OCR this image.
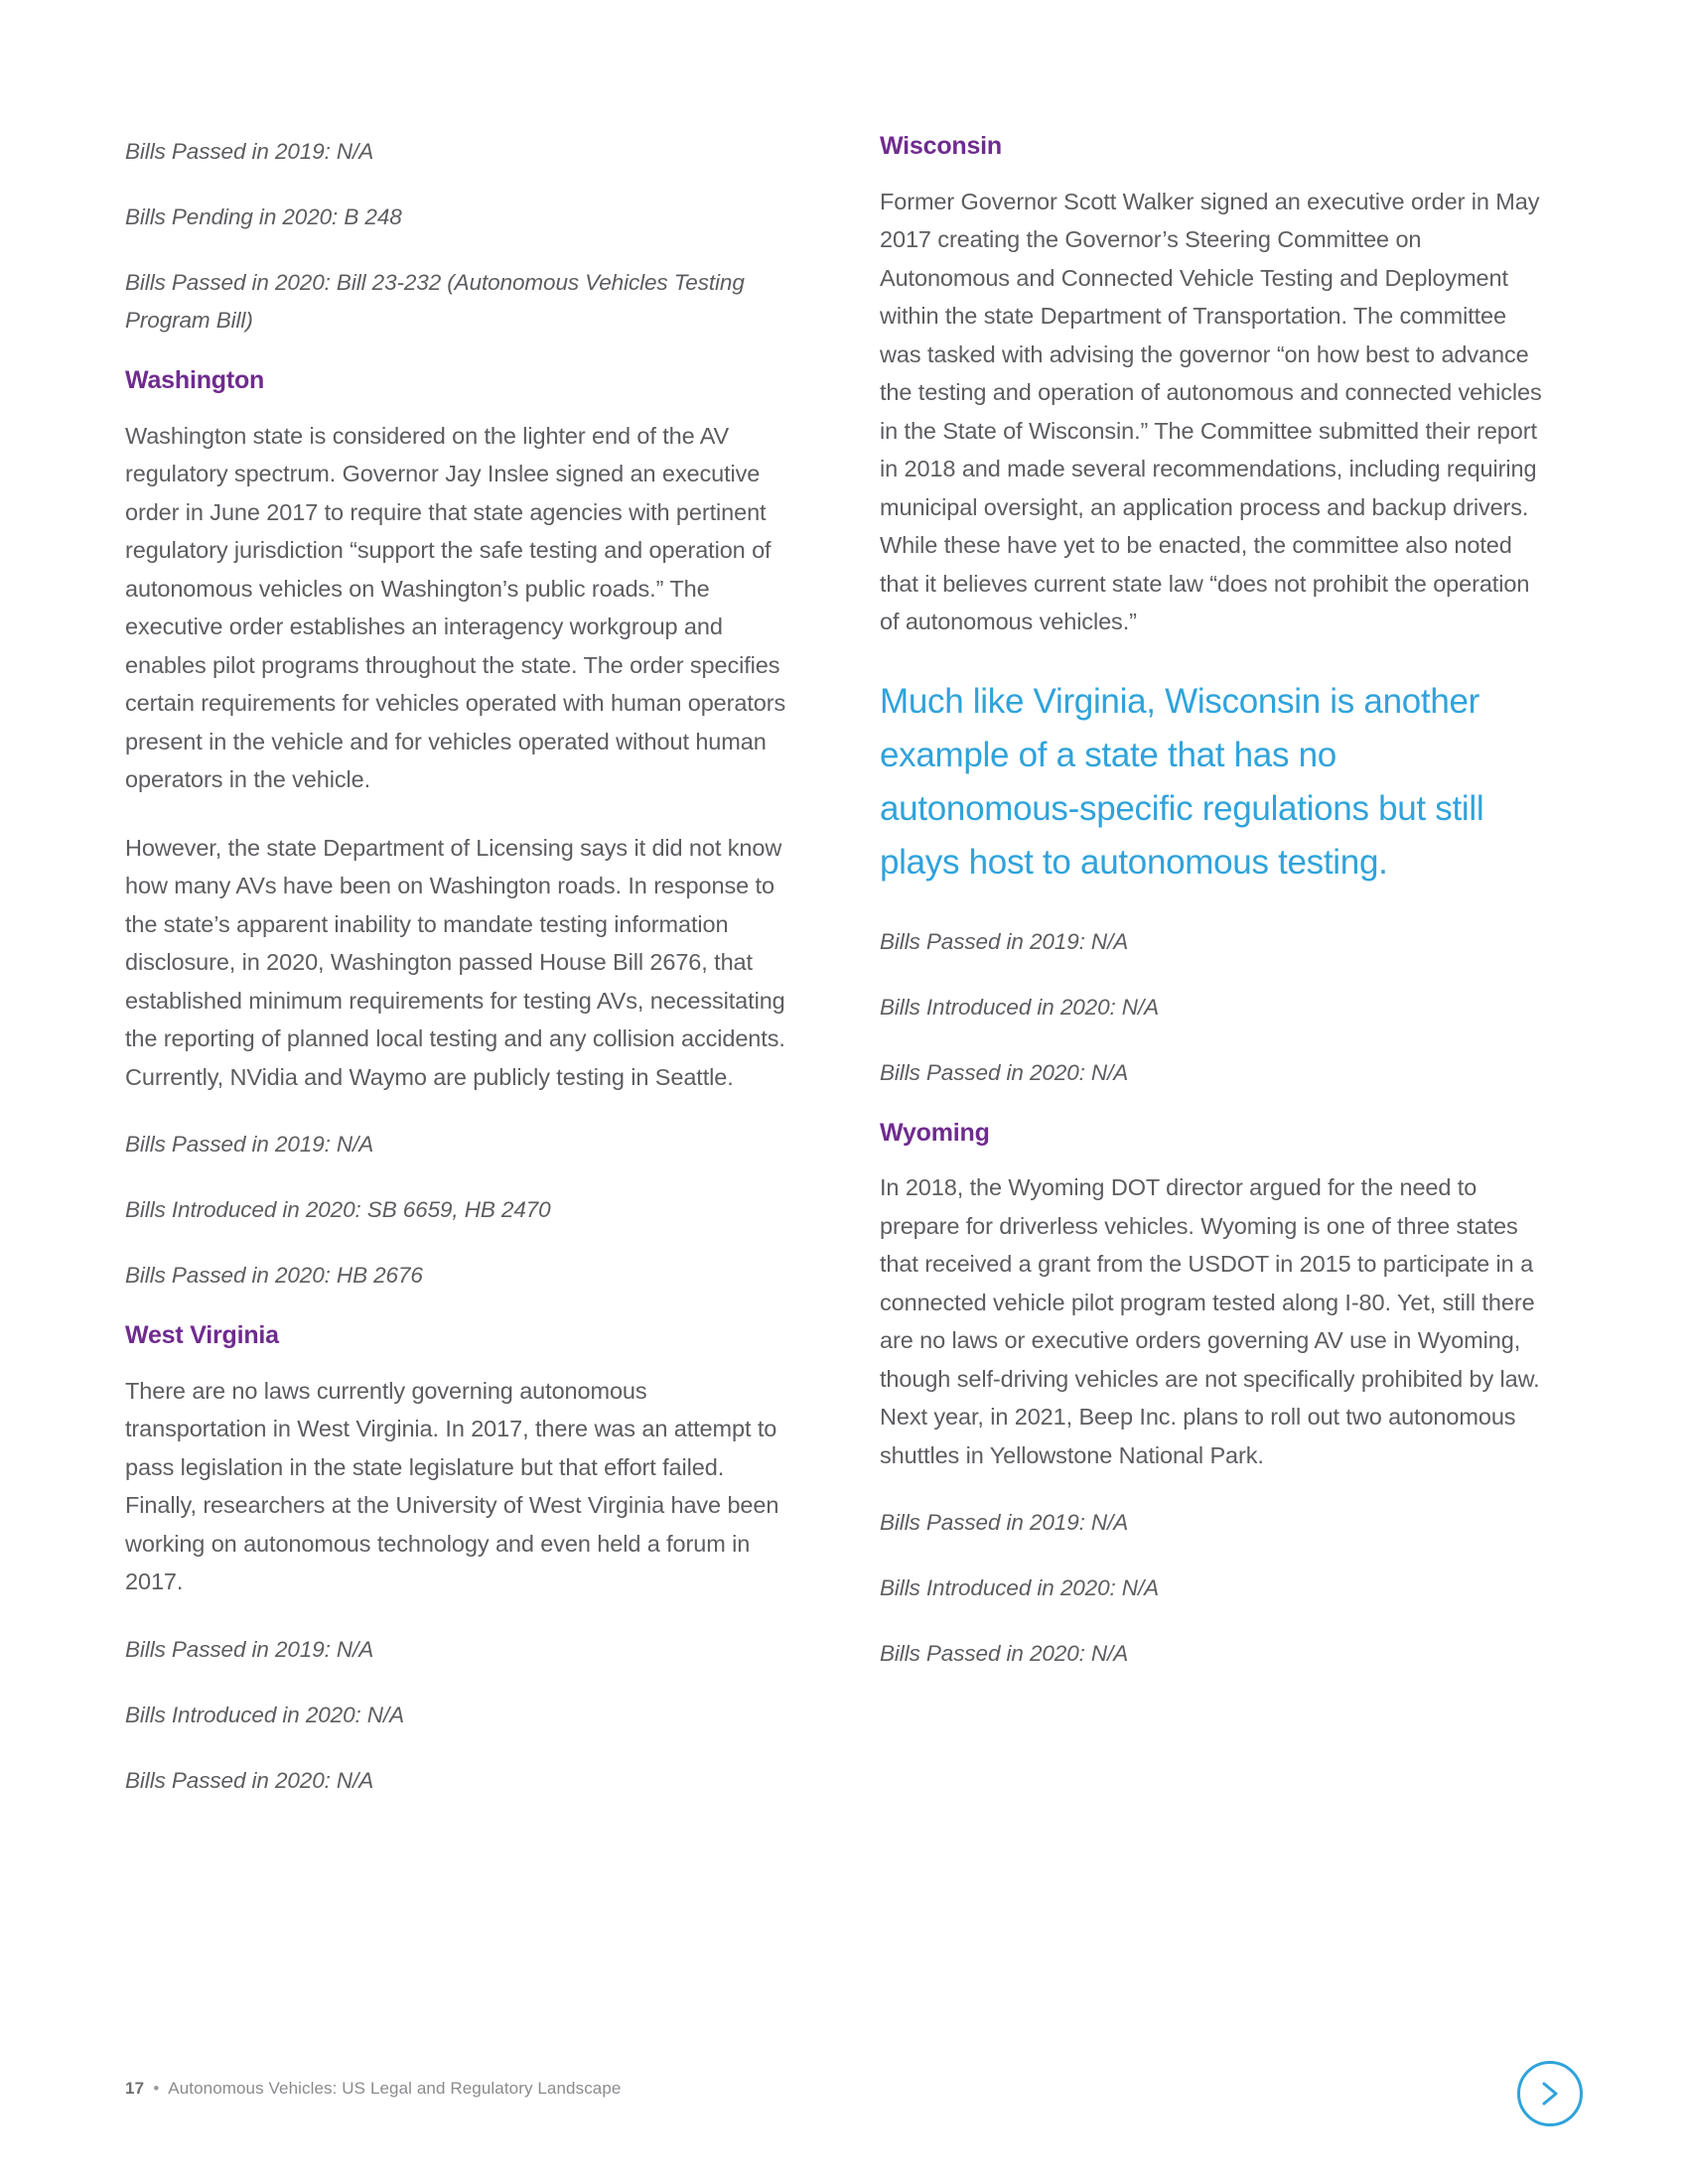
Bills Passed in 2019: N/A

Bills Pending in 2020: B 248

Bills Passed in 2020: Bill 23-232 (Autonomous Vehicles Testing Program Bill)

Washington

Washington state is considered on the lighter end of the AV regulatory spectrum. Governor Jay Inslee signed an executive order in June 2017 to require that state agencies with pertinent regulatory jurisdiction “support the safe testing and operation of autonomous vehicles on Washington’s public roads.” The executive order establishes an interagency workgroup and enables pilot programs throughout the state. The order specifies certain requirements for vehicles operated with human operators present in the vehicle and for vehicles operated without human operators in the vehicle.

However, the state Department of Licensing says it did not know how many AVs have been on Washington roads. In response to the state’s apparent inability to mandate testing information disclosure, in 2020, Washington passed House Bill 2676, that established minimum requirements for testing AVs, necessitating the reporting of planned local testing and any collision accidents. Currently, NVidia and Waymo are publicly testing in Seattle.

Bills Passed in 2019: N/A

Bills Introduced in 2020: SB 6659, HB 2470

Bills Passed in 2020: HB 2676

West Virginia

There are no laws currently governing autonomous transportation in West Virginia. In 2017, there was an attempt to pass legislation in the state legislature but that effort failed. Finally, researchers at the University of West Virginia have been working on autonomous technology and even held a forum in 2017.

Bills Passed in 2019: N/A

Bills Introduced in 2020: N/A

Bills Passed in 2020: N/A

Wisconsin

Former Governor Scott Walker signed an executive order in May 2017 creating the Governor’s Steering Committee on Autonomous and Connected Vehicle Testing and Deployment within the state Department of Transportation. The committee was tasked with advising the governor “on how best to advance the testing and operation of autonomous and connected vehicles in the State of Wisconsin.” The Committee submitted their report in 2018 and made several recommendations, including requiring municipal oversight, an application process and backup drivers. While these have yet to be enacted, the committee also noted that it believes current state law “does not prohibit the operation of autonomous vehicles.”

Much like Virginia, Wisconsin is another example of a state that has no autonomous-specific regulations but still plays host to autonomous testing.

Bills Passed in 2019: N/A

Bills Introduced in 2020: N/A

Bills Passed in 2020: N/A

Wyoming

In 2018, the Wyoming DOT director argued for the need to prepare for driverless vehicles. Wyoming is one of three states that received a grant from the USDOT in 2015 to participate in a connected vehicle pilot program tested along I-80. Yet, still there are no laws or executive orders governing AV use in Wyoming, though self-driving vehicles are not specifically prohibited by law. Next year, in 2021, Beep Inc. plans to roll out two autonomous shuttles in Yellowstone National Park.

Bills Passed in 2019: N/A

Bills Introduced in 2020: N/A

Bills Passed in 2020: N/A

17 • Autonomous Vehicles: US Legal and Regulatory Landscape
